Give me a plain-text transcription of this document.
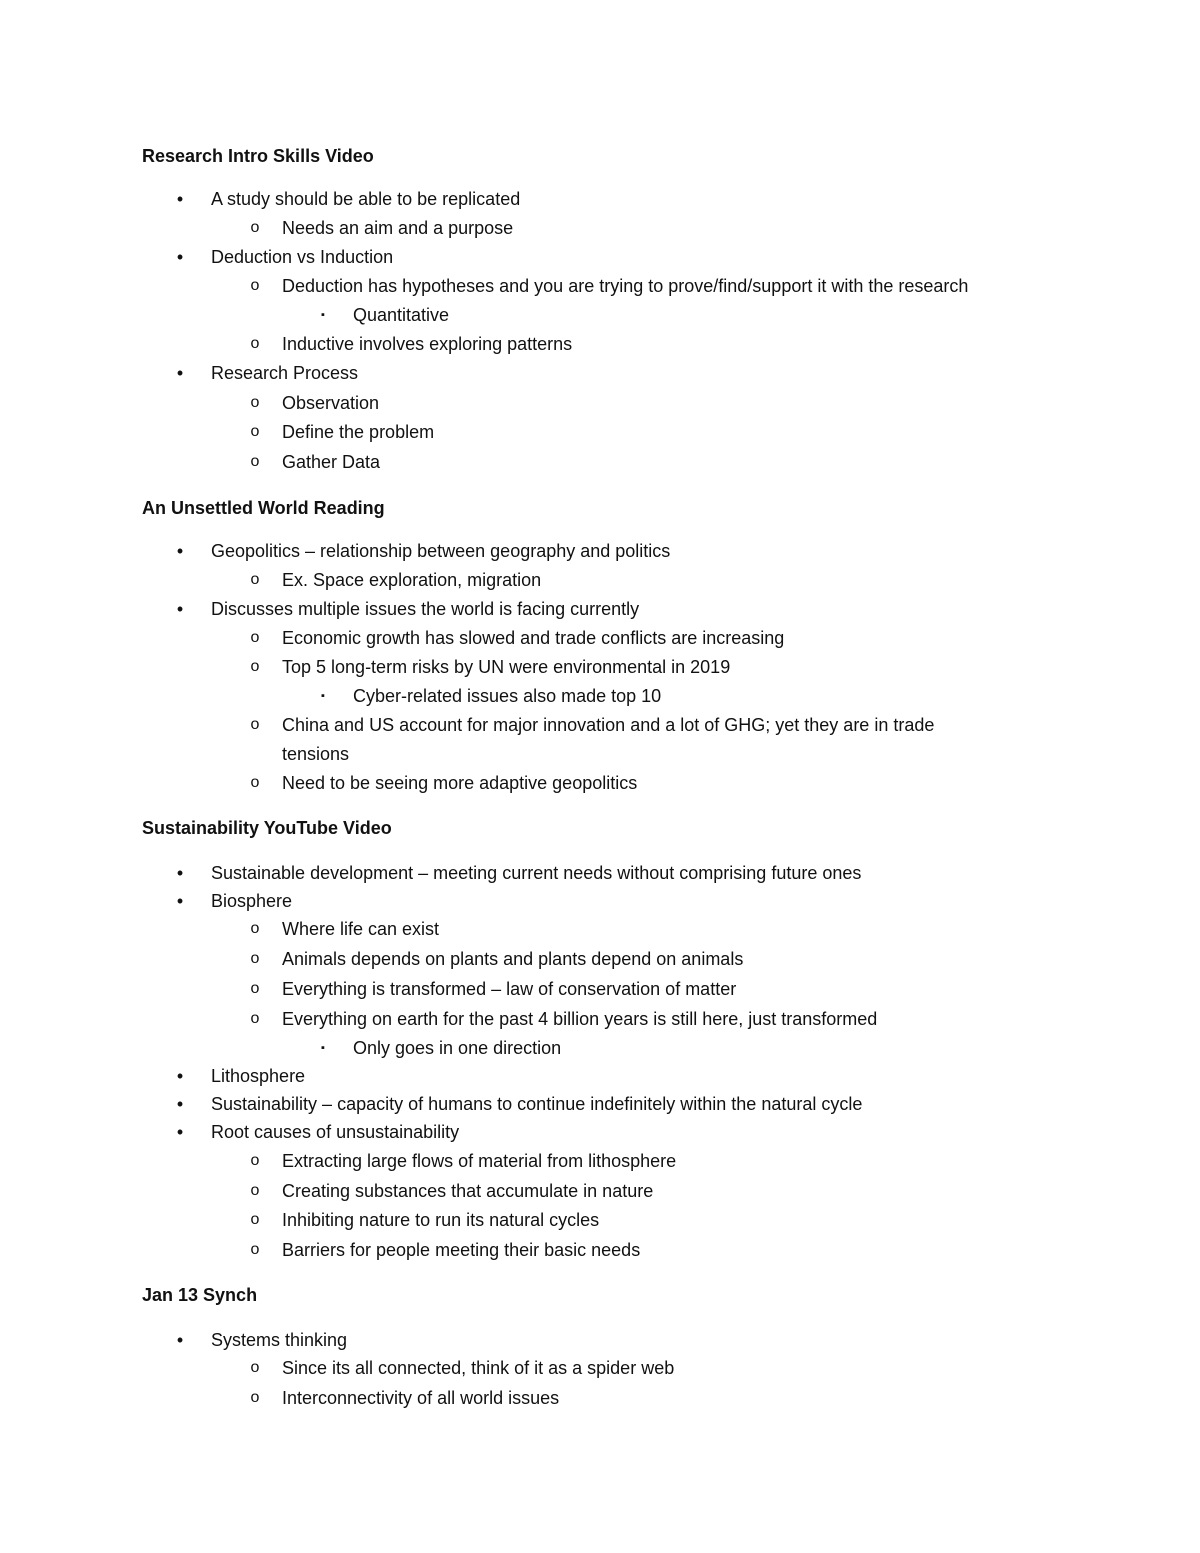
Research Intro Skills Video
•	A study should be able to be replicated
o	Needs an aim and a purpose
•	Deduction vs Induction
o	Deduction has hypotheses and you are trying to prove/find/support it with the research
▪	Quantitative
o	Inductive involves exploring patterns
•	Research Process
o	Observation
o	Define the problem
o	Gather Data
An Unsettled World Reading
•	Geopolitics – relationship between geography and politics
o	Ex. Space exploration, migration
•	Discusses multiple issues the world is facing currently
o	Economic growth has slowed and trade conflicts are increasing
o	Top 5 long-term risks by UN were environmental in 2019
▪	Cyber-related issues also made top 10
o	China and US account for major innovation and a lot of GHG; yet they are in trade
tensions
o	Need to be seeing more adaptive geopolitics
Sustainability YouTube Video
•	Sustainable development – meeting current needs without comprising future ones
•	Biosphere
o	Where life can exist
o	Animals depends on plants and plants depend on animals
o	Everything is transformed – law of conservation of matter
o	Everything on earth for the past 4 billion years is still here, just transformed
▪	Only goes in one direction
•	Lithosphere
•	Sustainability – capacity of humans to continue indefinitely within the natural cycle
•	Root causes of unsustainability
o	Extracting large flows of material from lithosphere
o	Creating substances that accumulate in nature
o	Inhibiting nature to run its natural cycles
o	Barriers for people meeting their basic needs
Jan 13 Synch
•	Systems thinking
o	Since its all connected, think of it as a spider web
o	Interconnectivity of all world issues
